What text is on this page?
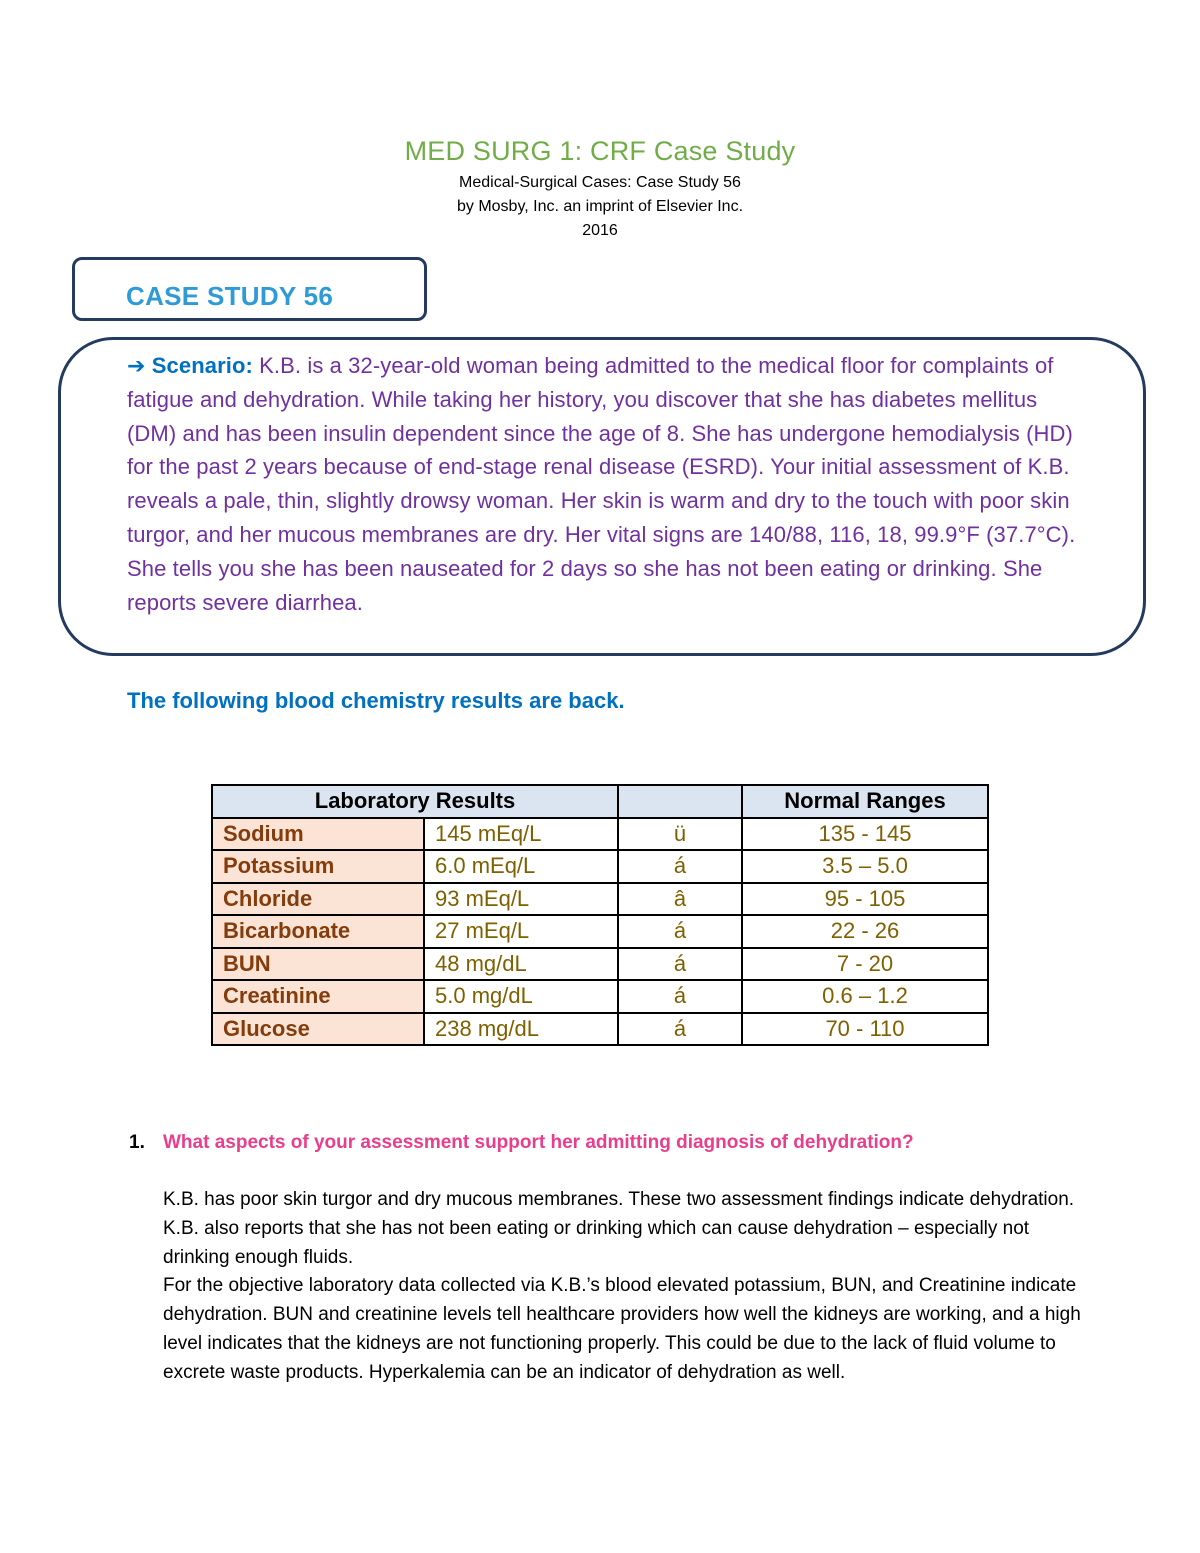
MED SURG 1: CRF Case Study

Medical-Surgical Cases: Case Study 56

by Mosby, Inc. an imprint of Elsevier Inc.

2016

CASE STUDY 56

➔ Scenario: K.B. is a 32-year-old woman being admitted to the medical floor for complaints of fatigue and dehydration. While taking her history, you discover that she has diabetes mellitus (DM) and has been insulin dependent since the age of 8. She has undergone hemodialysis (HD) for the past 2 years because of end-stage renal disease (ESRD). Your initial assessment of K.B. reveals a pale, thin, slightly drowsy woman. Her skin is warm and dry to the touch with poor skin turgor, and her mucous membranes are dry. Her vital signs are 140/88, 116, 18, 99.9°F (37.7°C). She tells you she has been nauseated for 2 days so she has not been eating or drinking. She reports severe diarrhea.

The following blood chemistry results are back.

Laboratory Results			Normal Ranges
Sodium	145 mEq/L	ü	135 - 145
Potassium	6.0 mEq/L	á	3.5 – 5.0
Chloride	93 mEq/L	â	95 - 105
Bicarbonate	27 mEq/L	á	22 - 26
BUN	48 mg/dL	á	7 - 20
Creatinine	5.0 mg/dL	á	0.6 – 1.2
Glucose	238 mg/dL	á	70 - 110

1. What aspects of your assessment support her admitting diagnosis of dehydration?

K.B. has poor skin turgor and dry mucous membranes. These two assessment findings indicate dehydration. K.B. also reports that she has not been eating or drinking which can cause dehydration – especially not drinking enough fluids.

For the objective laboratory data collected via K.B.’s blood elevated potassium, BUN, and Creatinine indicate dehydration. BUN and creatinine levels tell healthcare providers how well the kidneys are working, and a high level indicates that the kidneys are not functioning properly. This could be due to the lack of fluid volume to excrete waste products. Hyperkalemia can be an indicator of dehydration as well.
